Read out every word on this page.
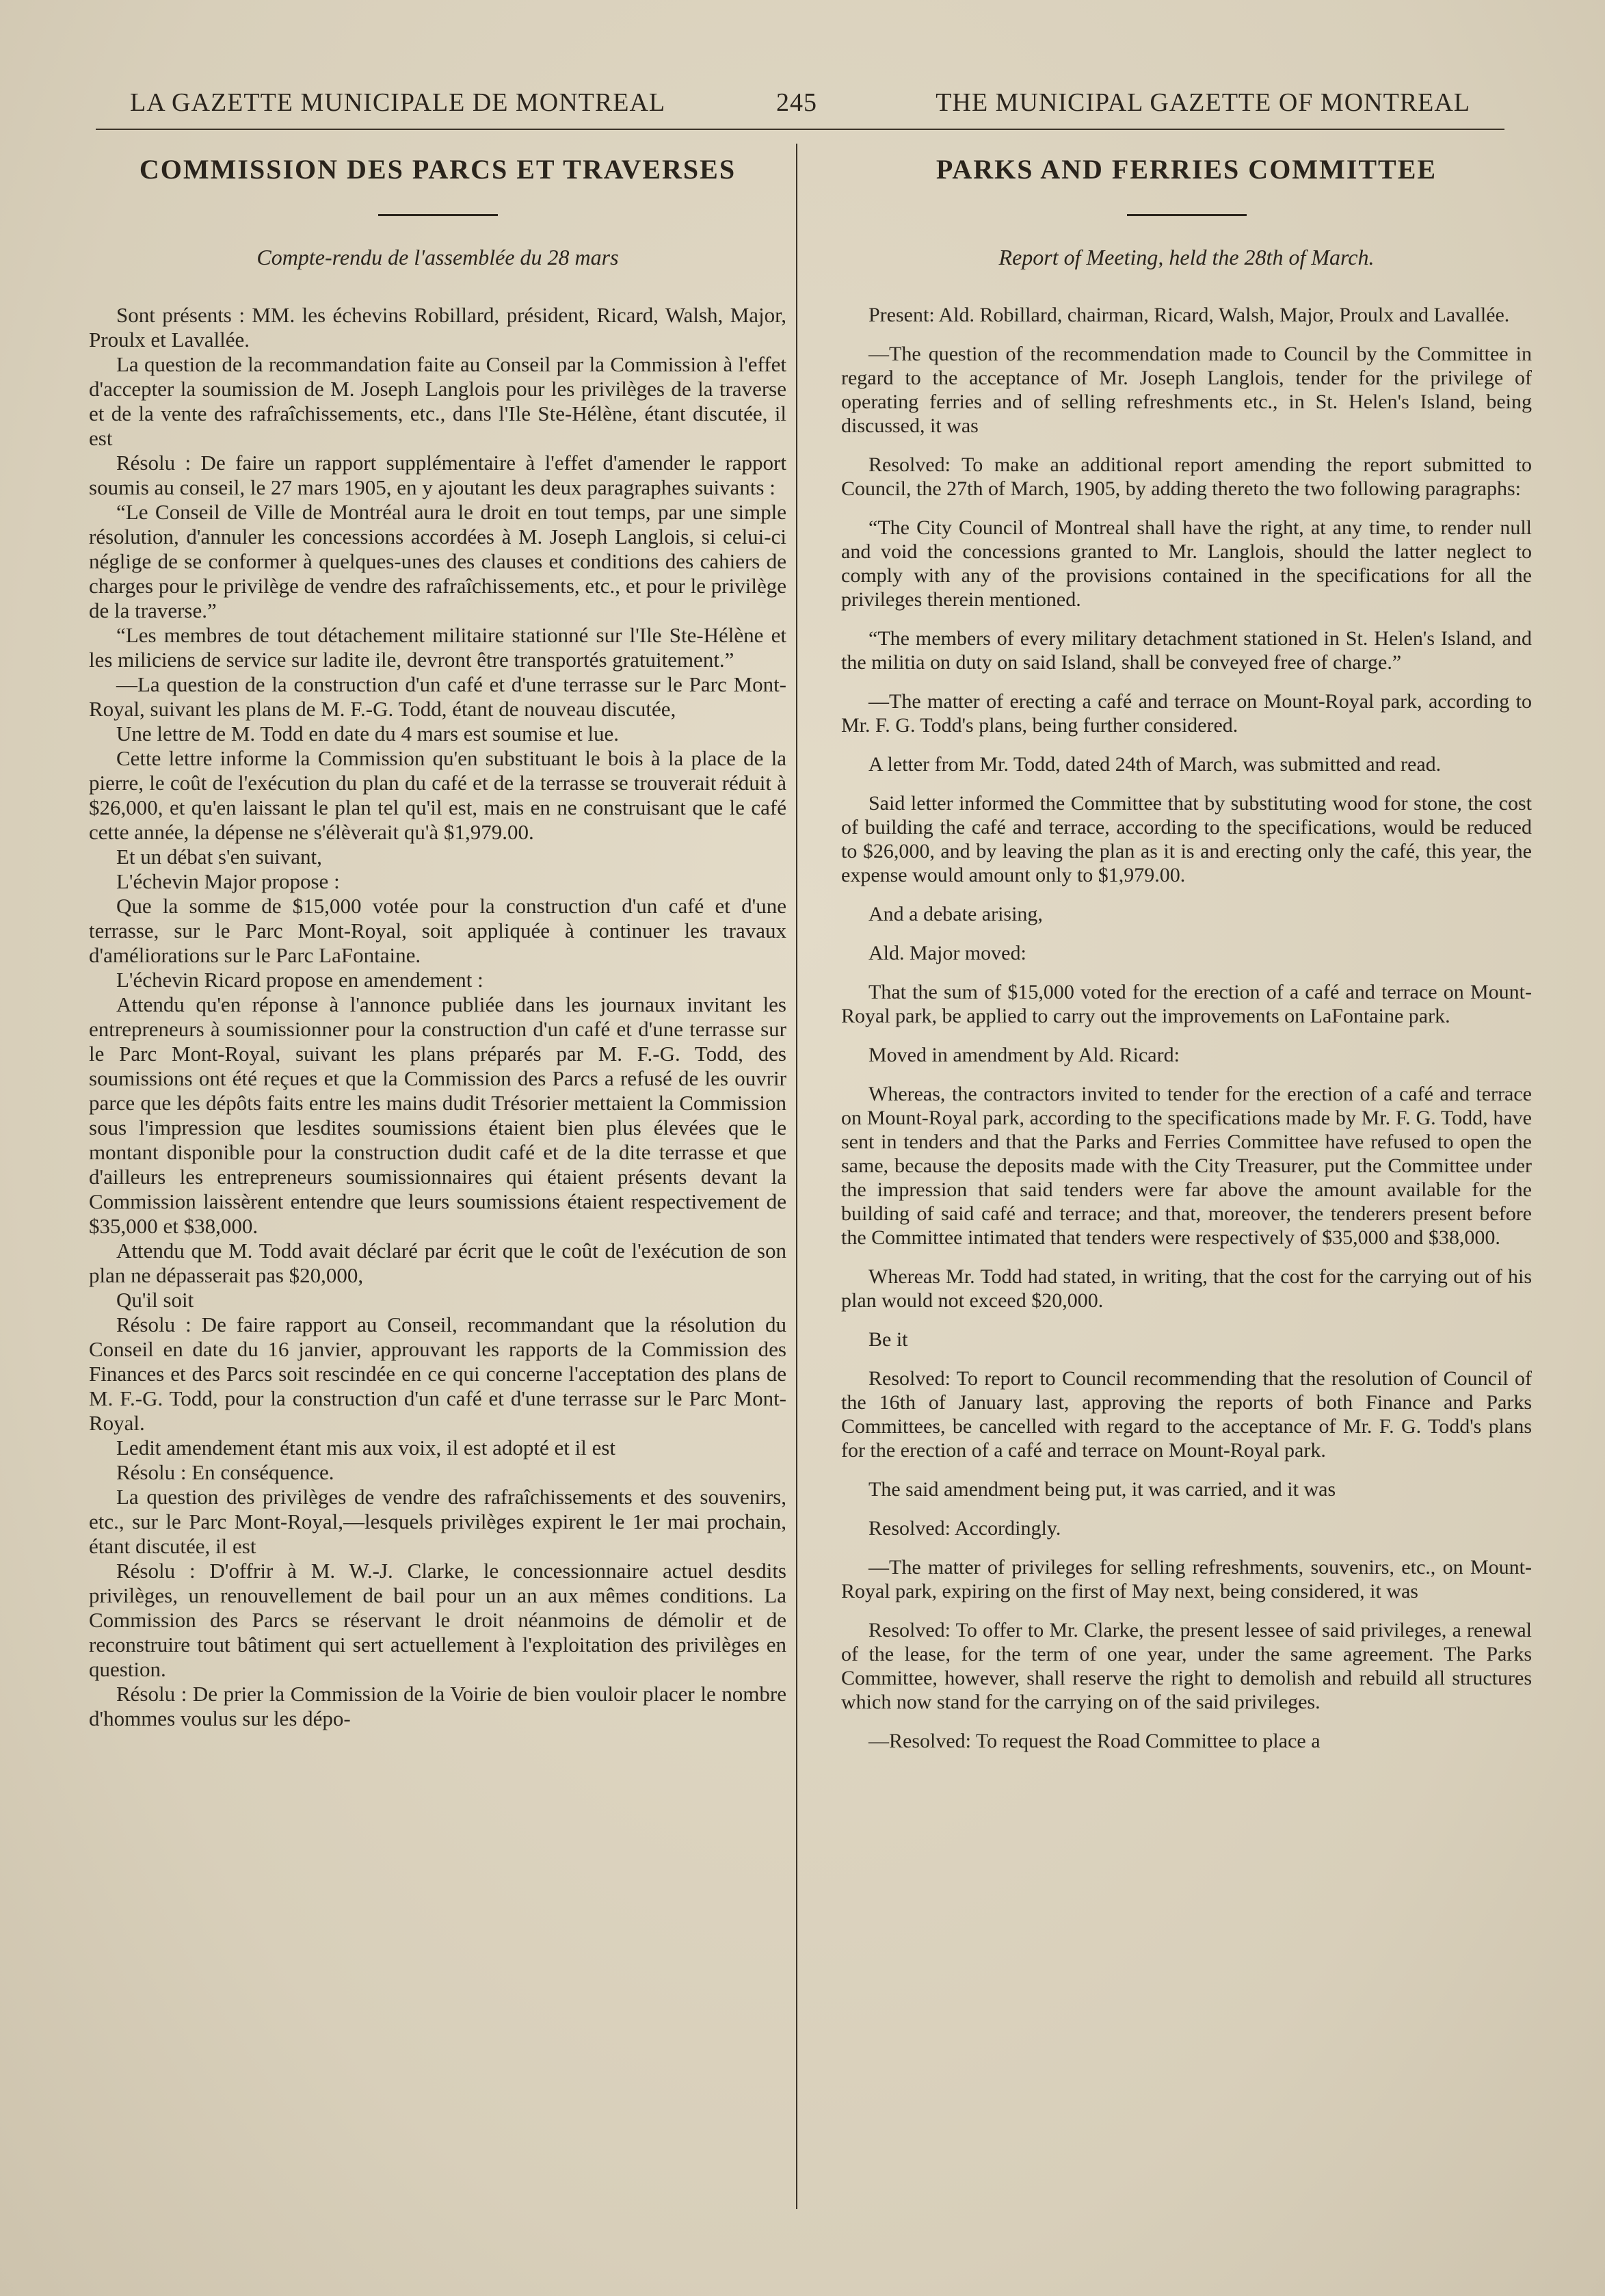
LA GAZETTE MUNICIPALE DE MONTREAL	245	THE MUNICIPAL GAZETTE OF MONTREAL
COMMISSION DES PARCS ET TRAVERSES
Compte-rendu de l'assemblée du 28 mars

Sont présents : MM. les échevins Robillard, président, Ricard, Walsh, Major, Proulx et Lavallée.

La question de la recommandation faite au Conseil par la Commission à l'effet d'accepter la soumission de M. Joseph Langlois pour les privilèges de la traverse et de la vente des rafraîchissements, etc., dans l'Ile Ste-Hélène, étant discutée, il est

Résolu : De faire un rapport supplémentaire à l'effet d'amender le rapport soumis au conseil, le 27 mars 1905, en y ajoutant les deux paragraphes suivants :

“Le Conseil de Ville de Montréal aura le droit en tout temps, par une simple résolution, d'annuler les concessions accordées à M. Joseph Langlois, si celui-ci néglige de se conformer à quelques-unes des clauses et conditions des cahiers de charges pour le privilège de vendre des rafraîchissements, etc., et pour le privilège de la traverse.”

“Les membres de tout détachement militaire stationné sur l'Ile Ste-Hélène et les miliciens de service sur ladite ile, devront être transportés gratuitement.”

—La question de la construction d'un café et d'une terrasse sur le Parc Mont-Royal, suivant les plans de M. F.-G. Todd, étant de nouveau discutée,

Une lettre de M. Todd en date du 4 mars est soumise et lue.

Cette lettre informe la Commission qu'en substituant le bois à la place de la pierre, le coût de l'exécution du plan du café et de la terrasse se trouverait réduit à $26,000, et qu'en laissant le plan tel qu'il est, mais en ne construisant que le café cette année, la dépense ne s'élèverait qu'à $1,979.00.

Et un débat s'en suivant,

L'échevin Major propose :

Que la somme de $15,000 votée pour la construction d'un café et d'une terrasse, sur le Parc Mont-Royal, soit appliquée à continuer les travaux d'améliorations sur le Parc LaFontaine.

L'échevin Ricard propose en amendement :

Attendu qu'en réponse à l'annonce publiée dans les journaux invitant les entrepreneurs à soumissionner pour la construction d'un café et d'une terrasse sur le Parc Mont-Royal, suivant les plans préparés par M. F.-G. Todd, des soumissions ont été reçues et que la Commission des Parcs a refusé de les ouvrir parce que les dépôts faits entre les mains dudit Trésorier mettaient la Commission sous l'impression que lesdites soumissions étaient bien plus élevées que le montant disponible pour la construction dudit café et de la dite terrasse et que d'ailleurs les entrepreneurs soumissionnaires qui étaient présents devant la Commission laissèrent entendre que leurs soumissions étaient respectivement de $35,000 et $38,000.

Attendu que M. Todd avait déclaré par écrit que le coût de l'exécution de son plan ne dépasserait pas $20,000,

Qu'il soit

Résolu : De faire rapport au Conseil, recommandant que la résolution du Conseil en date du 16 janvier, approuvant les rapports de la Commission des Finances et des Parcs soit rescindée en ce qui concerne l'acceptation des plans de M. F.-G. Todd, pour la construction d'un café et d'une terrasse sur le Parc Mont-Royal.

Ledit amendement étant mis aux voix, il est adopté et il est

Résolu : En conséquence.

La question des privilèges de vendre des rafraîchissements et des souvenirs, etc., sur le Parc Mont-Royal,—lesquels privilèges expirent le 1er mai prochain, étant discutée, il est

Résolu : D'offrir à M. W.-J. Clarke, le concessionnaire actuel desdits privilèges, un renouvellement de bail pour un an aux mêmes conditions. La Commission des Parcs se réservant le droit néanmoins de démolir et de reconstruire tout bâtiment qui sert actuellement à l'exploitation des privilèges en question.

Résolu : De prier la Commission de la Voirie de bien vouloir placer le nombre d'hommes voulus sur les dépo-

PARKS AND FERRIES COMMITTEE
Report of Meeting, held the 28th of March.

Present: Ald. Robillard, chairman, Ricard, Walsh, Major, Proulx and Lavallée.

—The question of the recommendation made to Council by the Committee in regard to the acceptance of Mr. Joseph Langlois, tender for the privilege of operating ferries and of selling refreshments etc., in St. Helen's Island, being discussed, it was

Resolved: To make an additional report amending the report submitted to Council, the 27th of March, 1905, by adding thereto the two following paragraphs:

“The City Council of Montreal shall have the right, at any time, to render null and void the concessions granted to Mr. Langlois, should the latter neglect to comply with any of the provisions contained in the specifications for all the privileges therein mentioned.

“The members of every military detachment stationed in St. Helen's Island, and the militia on duty on said Island, shall be conveyed free of charge.”

—The matter of erecting a café and terrace on Mount-Royal park, according to Mr. F. G. Todd's plans, being further considered.

A letter from Mr. Todd, dated 24th of March, was submitted and read.

Said letter informed the Committee that by substituting wood for stone, the cost of building the café and terrace, according to the specifications, would be reduced to $26,000, and by leaving the plan as it is and erecting only the café, this year, the expense would amount only to $1,979.00.

And a debate arising,

Ald. Major moved:

That the sum of $15,000 voted for the erection of a café and terrace on Mount-Royal park, be applied to carry out the improvements on LaFontaine park.

Moved in amendment by Ald. Ricard:

Whereas, the contractors invited to tender for the erection of a café and terrace on Mount-Royal park, according to the specifications made by Mr. F. G. Todd, have sent in tenders and that the Parks and Ferries Committee have refused to open the same, because the deposits made with the City Treasurer, put the Committee under the impression that said tenders were far above the amount available for the building of said café and terrace; and that, moreover, the tenderers present before the Committee intimated that tenders were respectively of $35,000 and $38,000.

Whereas Mr. Todd had stated, in writing, that the cost for the carrying out of his plan would not exceed $20,000.

Be it

Resolved: To report to Council recommending that the resolution of Council of the 16th of January last, approving the reports of both Finance and Parks Committees, be cancelled with regard to the acceptance of Mr. F. G. Todd's plans for the erection of a café and terrace on Mount-Royal park.

The said amendment being put, it was carried, and it was

Resolved: Accordingly.

—The matter of privileges for selling refreshments, souvenirs, etc., on Mount-Royal park, expiring on the first of May next, being considered, it was

Resolved: To offer to Mr. Clarke, the present lessee of said privileges, a renewal of the lease, for the term of one year, under the same agreement. The Parks Committee, however, shall reserve the right to demolish and rebuild all structures which now stand for the carrying on of the said privileges.

—Resolved: To request the Road Committee to place a
